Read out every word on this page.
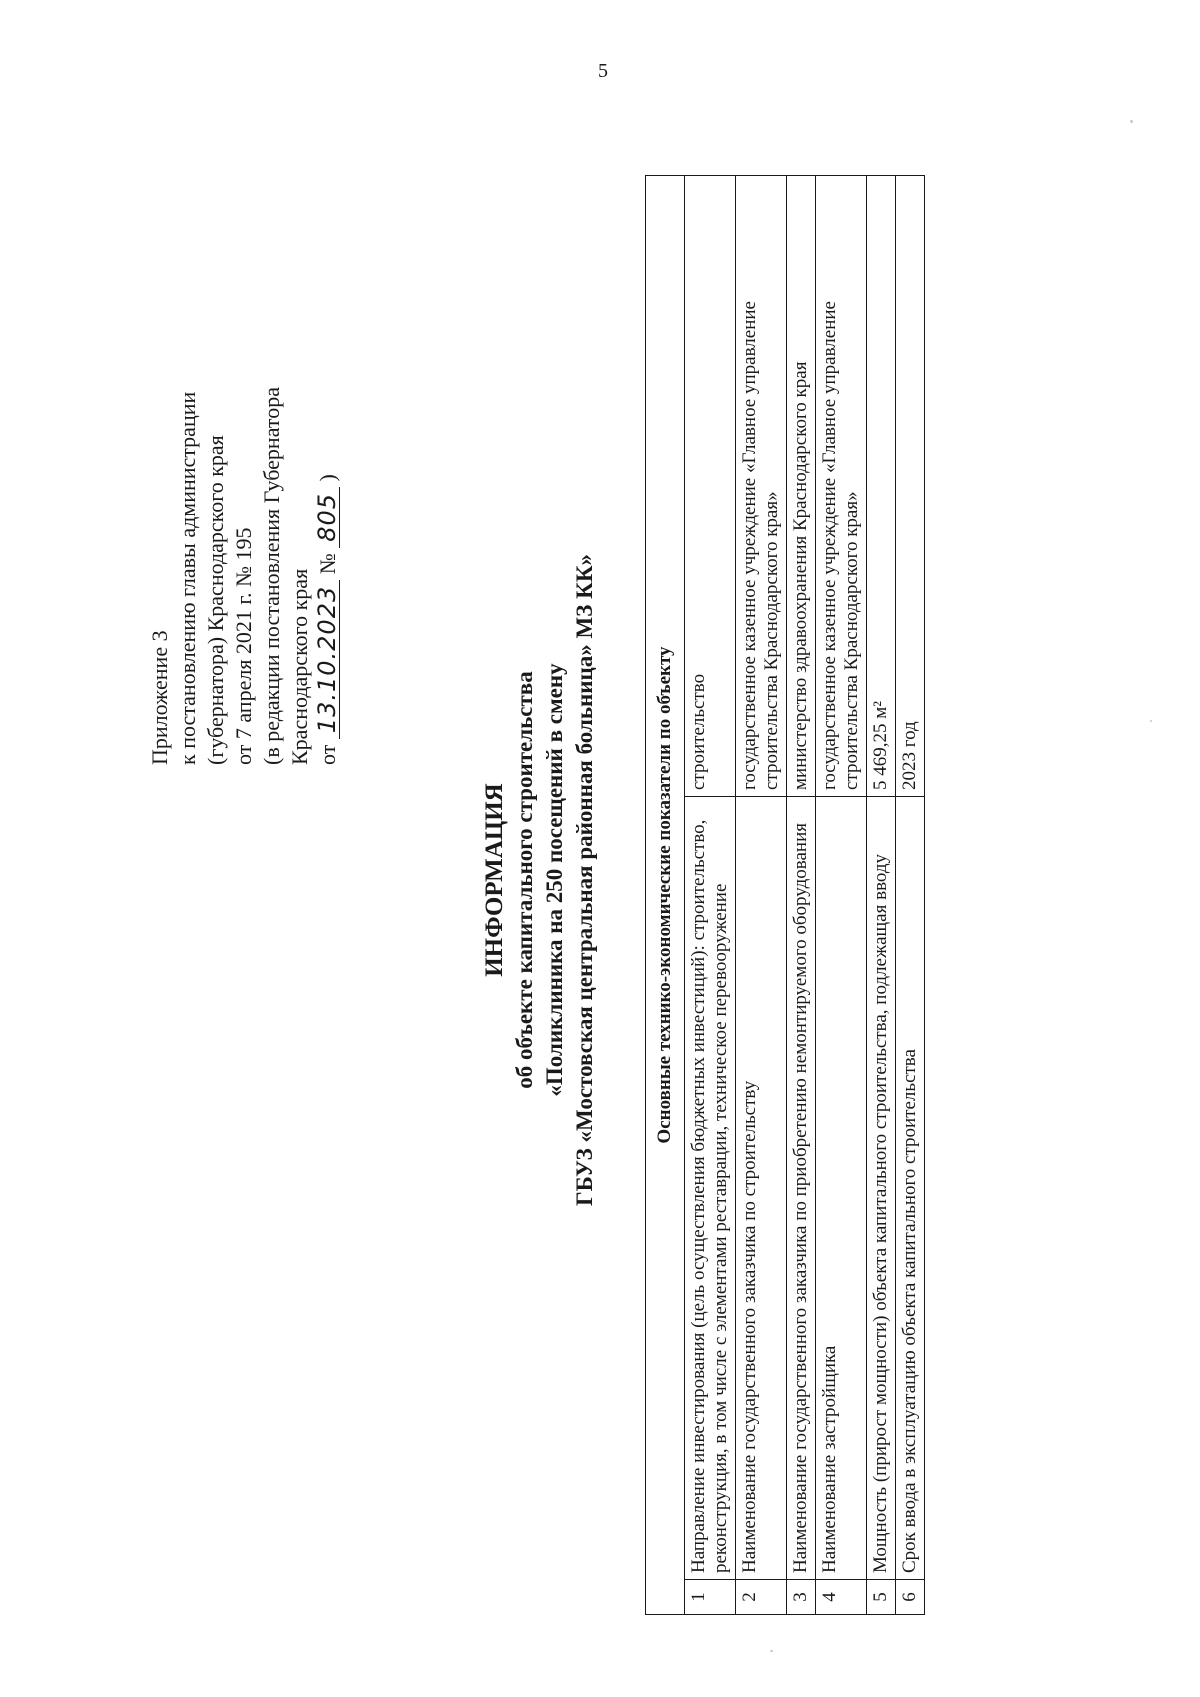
5
Приложение 3 к постановлению главы администрации (губернатора) Краснодарского края от 7 апреля 2021 г. № 195 (в редакции постановления Губернатора Краснодарского края от 13.10.2023 № 805 )
ИНФОРМАЦИЯ об объекте капитального строительства «Поликлиника на 250 посещений в смену ГБУЗ «Мостовская центральная районная больница» МЗ КК»	Основные технико-экономические показатели по объекту		
1	Направление инвестирования (цель осуществления бюджетных инвестиций): строительство, реконструкция, в том числе с элементами реставрации, техническое перевооружение	строительство
2	Наименование государственного заказчика по строительству	государственное казенное учреждение «Главное управление строительства Краснодарского края»
3	Наименование государственного заказчика по приобретению немонтируемого оборудования	министерство здравоохранения Краснодарского края
4	Наименование застройщика	государственное казенное учреждение «Главное управление строительства Краснодарского края»
5	Мощность (прирост мощности) объекта капитального строительства, подлежащая вводу	5 469,25 м²
6	Срок ввода в эксплуатацию объекта капитального строительства	2023 год
